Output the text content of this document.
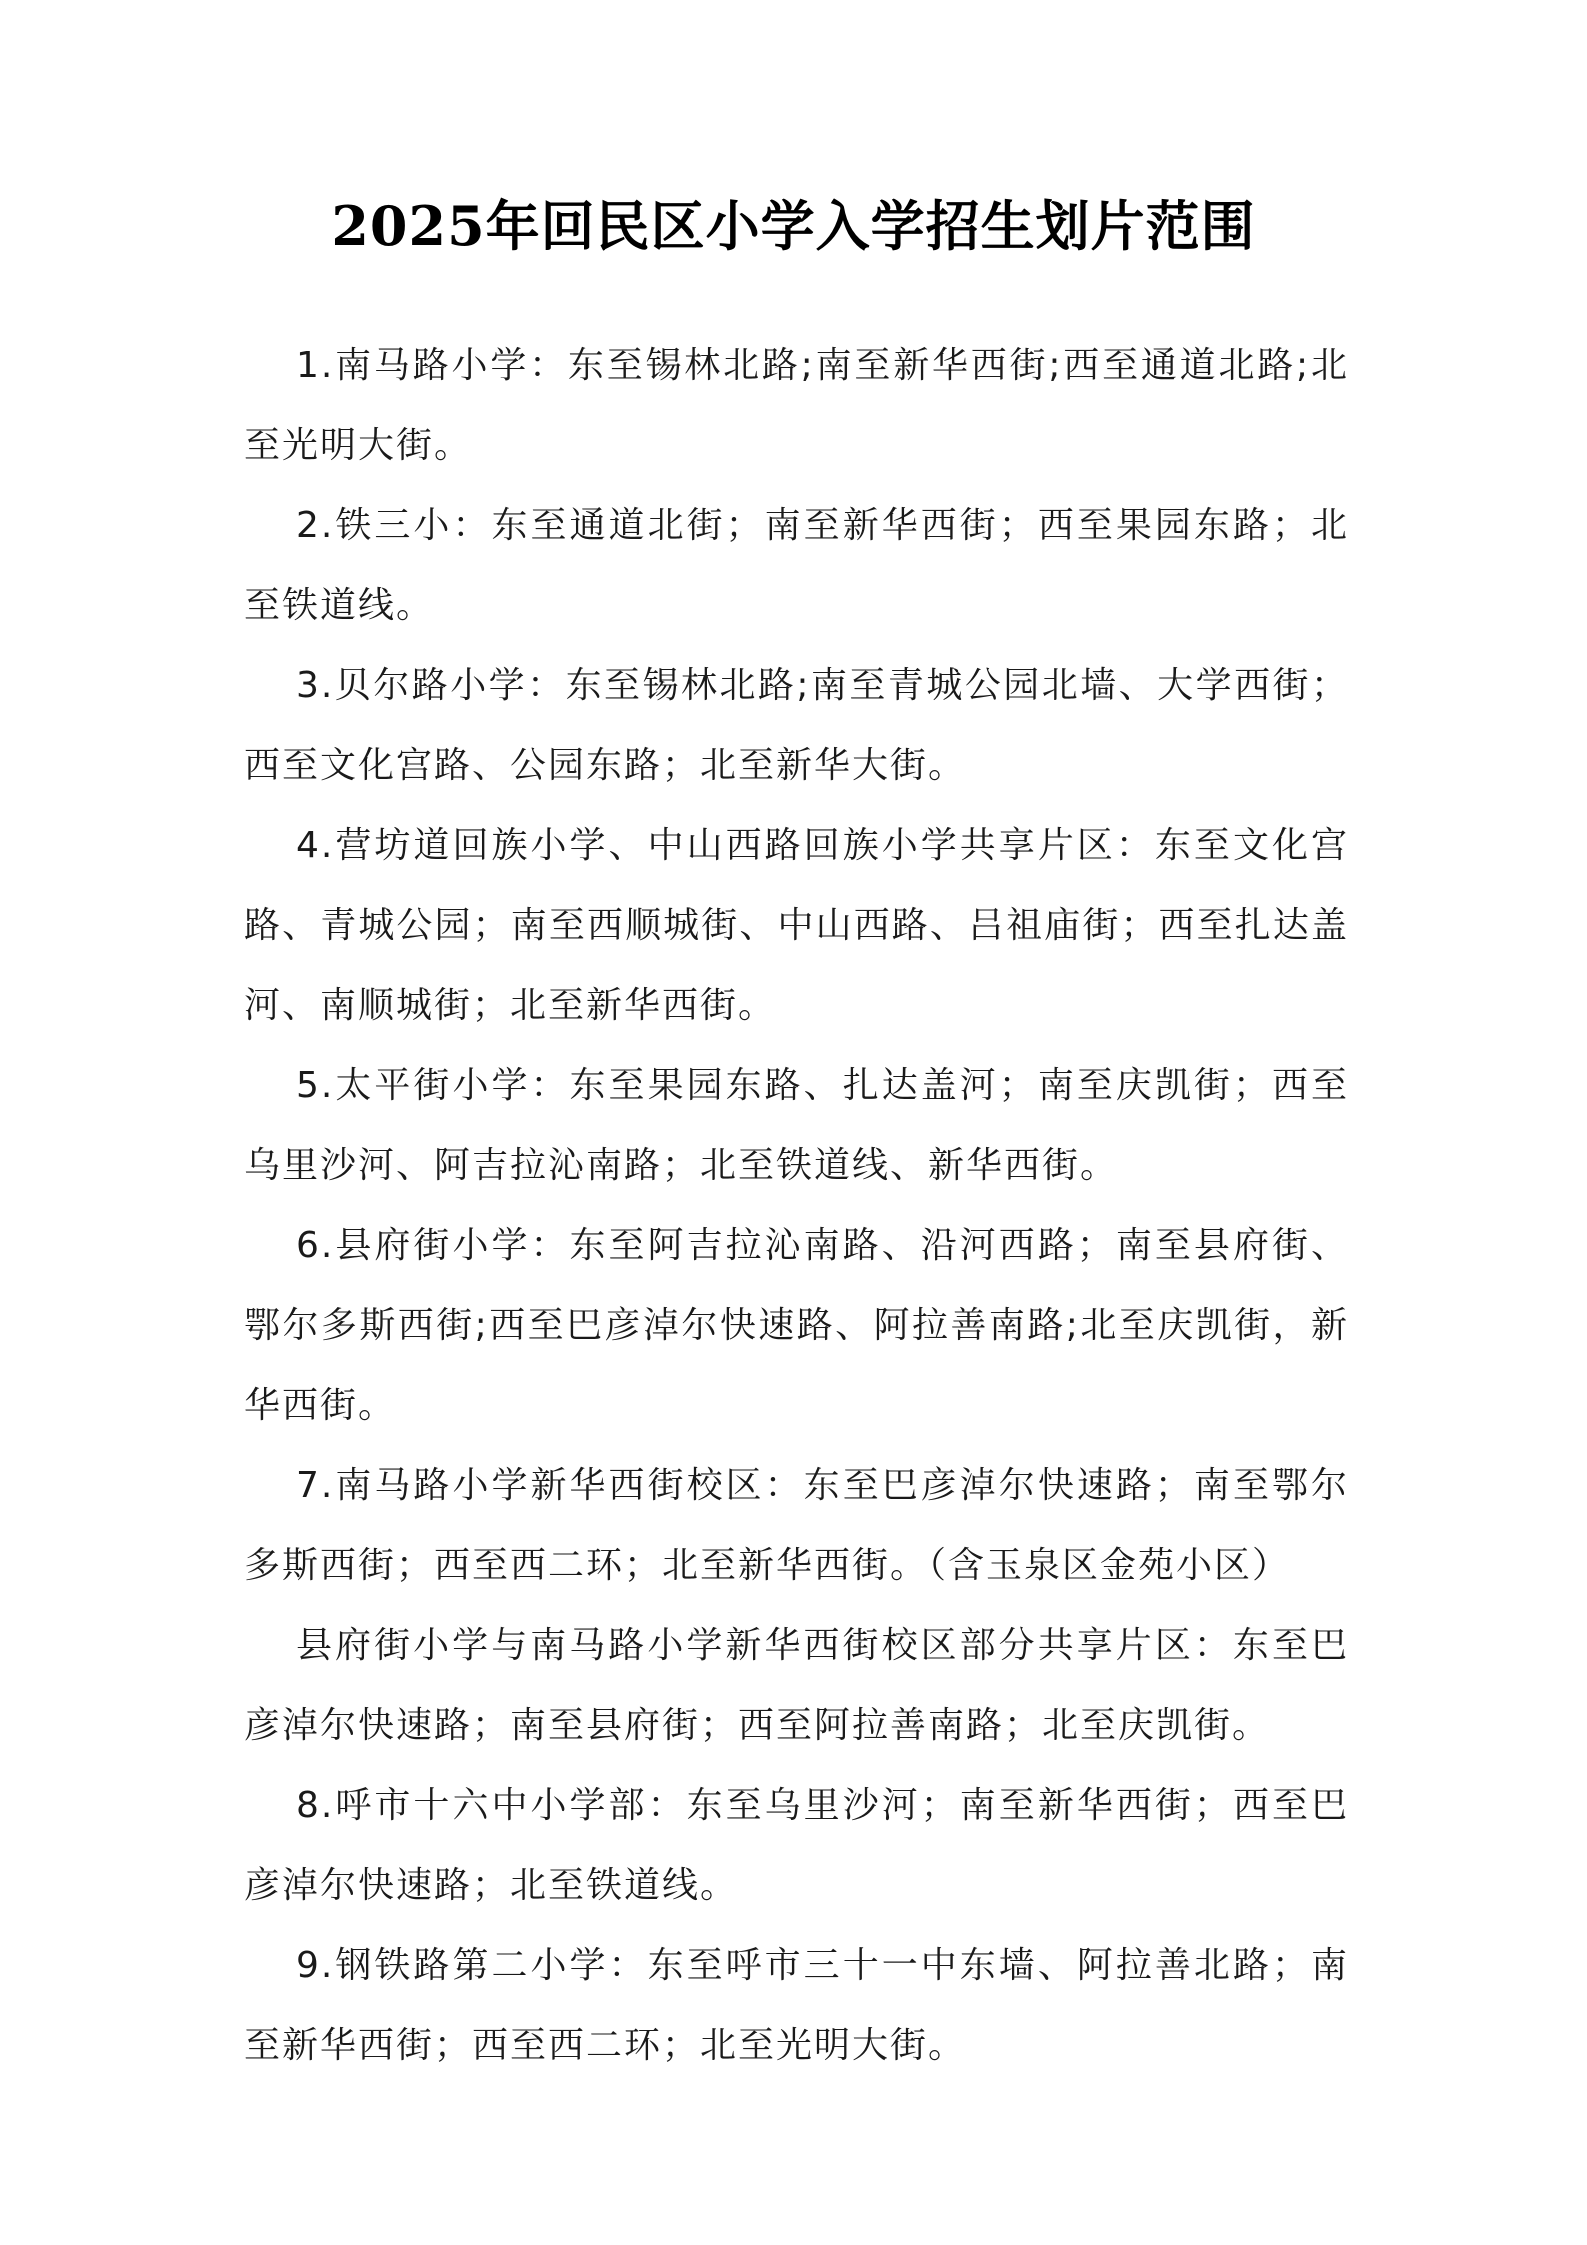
2025年回民区小学入学招生划片范围

1.南马路小学：东至锡林北路;南至新华西街;西至通道北路;北至光明大街。

2.铁三小：东至通道北街；南至新华西街；西至果园东路；北至铁道线。

3.贝尔路小学：东至锡林北路;南至青城公园北墙、大学西街；西至文化宫路、公园东路；北至新华大街。

4.营坊道回族小学、中山西路回族小学共享片区：东至文化宫路、青城公园；南至西顺城街、中山西路、吕祖庙街；西至扎达盖河、南顺城街；北至新华西街。

5.太平街小学：东至果园东路、扎达盖河；南至庆凯街；西至乌里沙河、阿吉拉沁南路；北至铁道线、新华西街。

6.县府街小学：东至阿吉拉沁南路、沿河西路；南至县府街、鄂尔多斯西街;西至巴彦淖尔快速路、阿拉善南路;北至庆凯街，新华西街。

7.南马路小学新华西街校区：东至巴彦淖尔快速路；南至鄂尔多斯西街；西至西二环；北至新华西街。（含玉泉区金苑小区）

县府街小学与南马路小学新华西街校区部分共享片区：东至巴彦淖尔快速路；南至县府街；西至阿拉善南路；北至庆凯街。

8.呼市十六中小学部：东至乌里沙河；南至新华西街；西至巴彦淖尔快速路；北至铁道线。

9.钢铁路第二小学：东至呼市三十一中东墙、阿拉善北路；南至新华西街；西至西二环；北至光明大街。
